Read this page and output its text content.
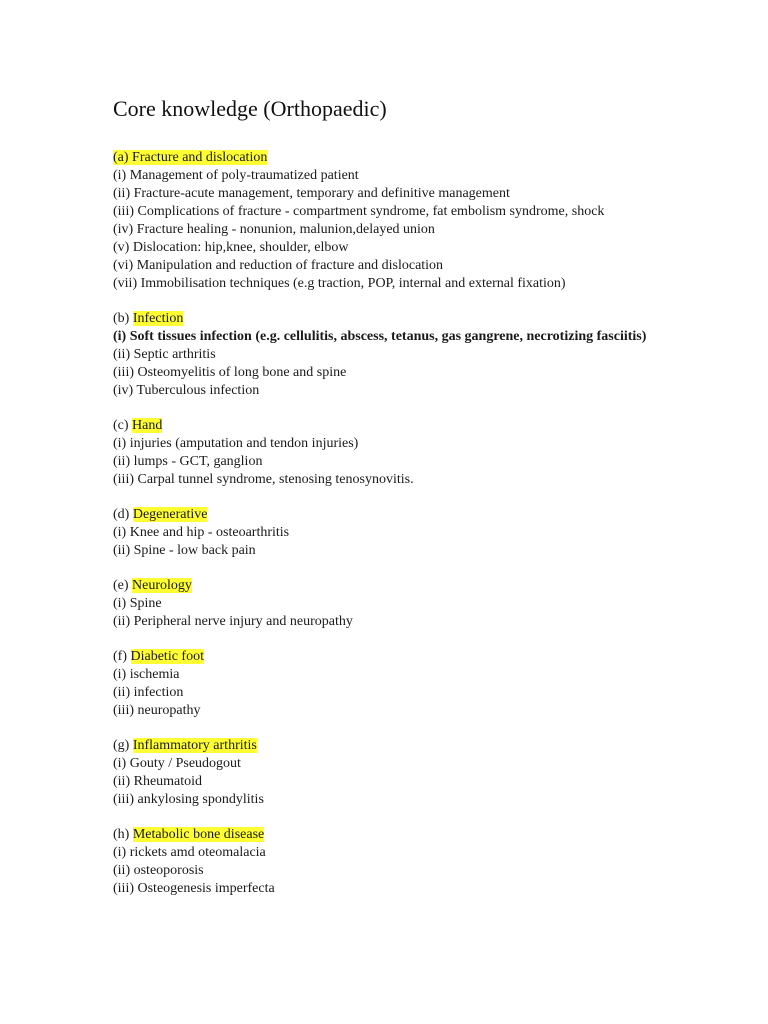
Core knowledge (Orthopaedic)
(a) Fracture and dislocation
(i) Management of poly-traumatized patient
(ii) Fracture-acute management, temporary and definitive management
(iii) Complications of fracture - compartment syndrome, fat embolism syndrome, shock
(iv) Fracture healing - nonunion, malunion,delayed union
(v) Dislocation: hip,knee, shoulder, elbow
(vi) Manipulation and reduction of fracture and dislocation
(vii) Immobilisation techniques (e.g traction, POP, internal and external fixation)
(b) Infection
(i) Soft tissues infection (e.g. cellulitis, abscess, tetanus, gas gangrene, necrotizing fasciitis)
(ii) Septic arthritis
(iii) Osteomyelitis of long bone and spine
(iv) Tuberculous infection
(c) Hand
(i) injuries (amputation and tendon injuries)
(ii) lumps - GCT, ganglion
(iii) Carpal tunnel syndrome, stenosing tenosynovitis.
(d) Degenerative
(i) Knee and hip - osteoarthritis
(ii) Spine - low back pain
(e) Neurology
(i) Spine
(ii) Peripheral nerve injury and neuropathy
(f) Diabetic foot
(i) ischemia
(ii) infection
(iii) neuropathy
(g) Inflammatory arthritis
(i) Gouty / Pseudogout
(ii) Rheumatoid
(iii) ankylosing spondylitis
(h) Metabolic bone disease
(i) rickets amd oteomalacia
(ii) osteoporosis
(iii) Osteogenesis imperfecta
